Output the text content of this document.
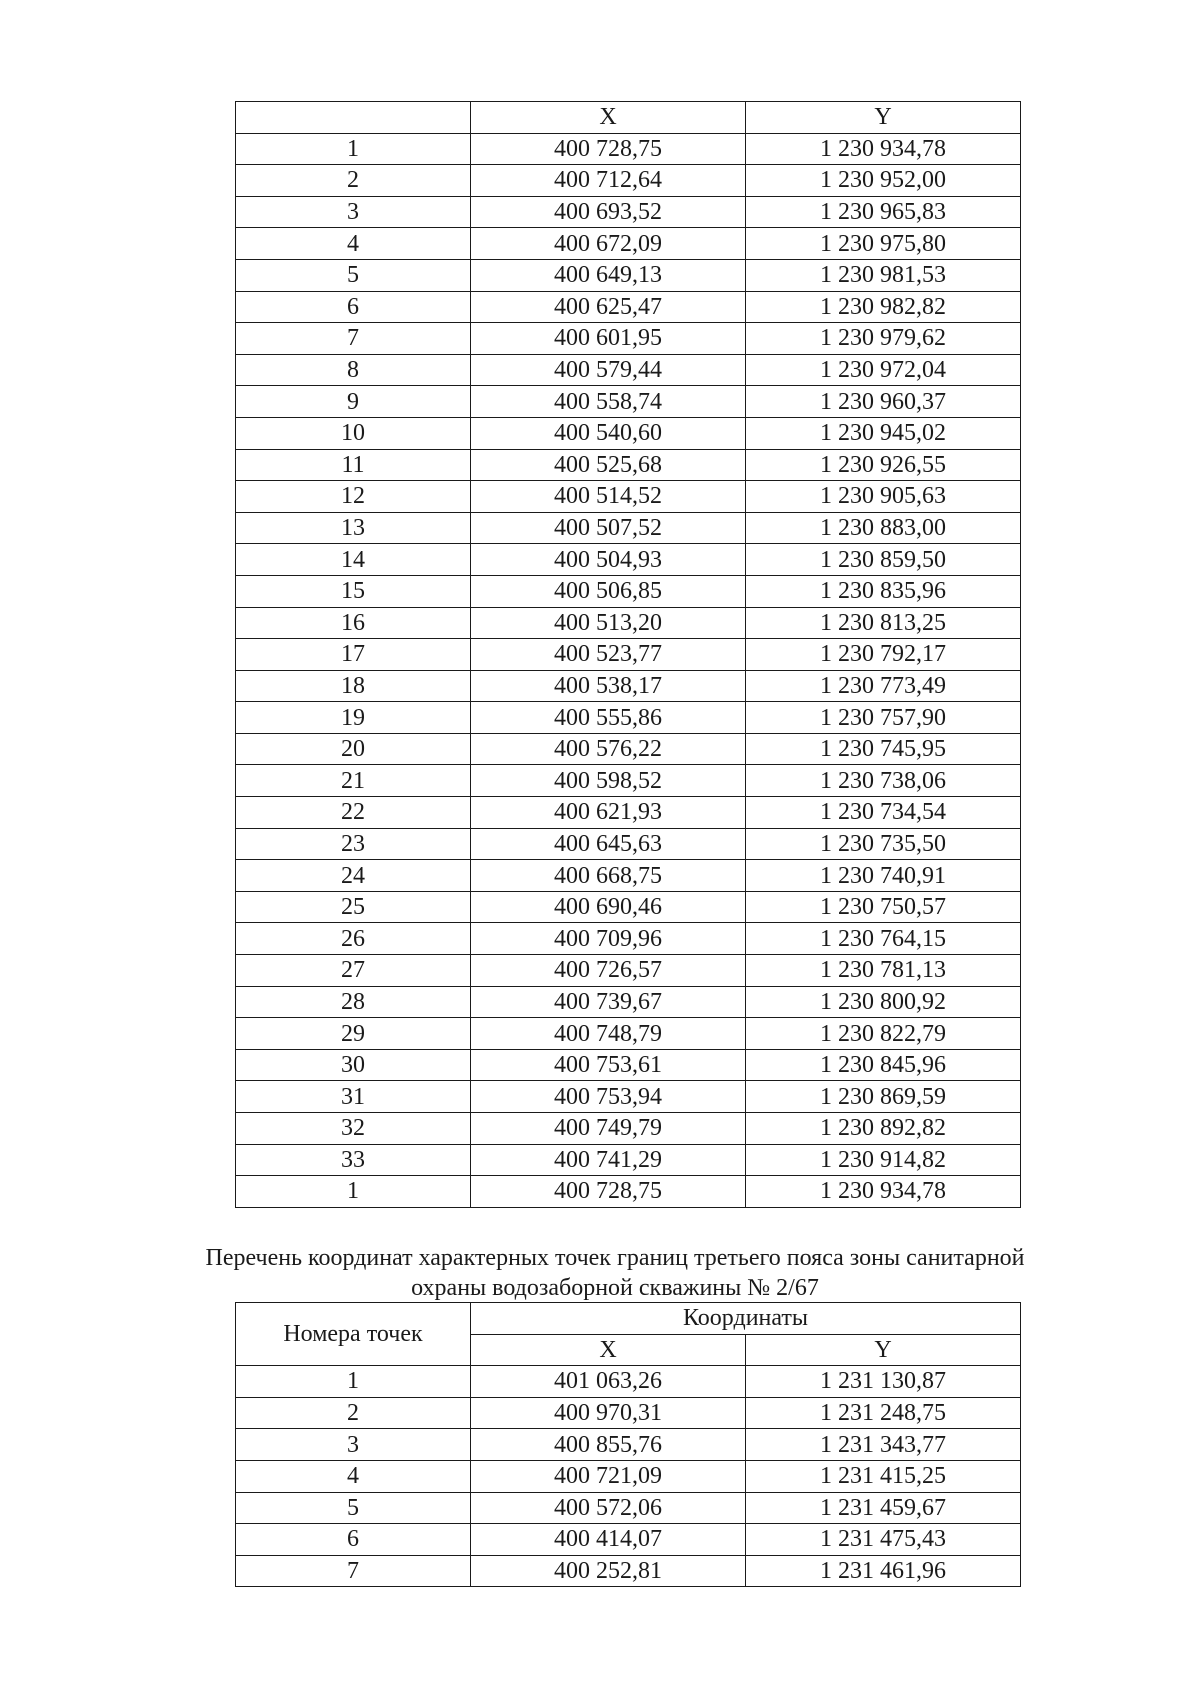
	X	Y
1	400 728,75	1 230 934,78
2	400 712,64	1 230 952,00
3	400 693,52	1 230 965,83
4	400 672,09	1 230 975,80
5	400 649,13	1 230 981,53
6	400 625,47	1 230 982,82
7	400 601,95	1 230 979,62
8	400 579,44	1 230 972,04
9	400 558,74	1 230 960,37
10	400 540,60	1 230 945,02
11	400 525,68	1 230 926,55
12	400 514,52	1 230 905,63
13	400 507,52	1 230 883,00
14	400 504,93	1 230 859,50
15	400 506,85	1 230 835,96
16	400 513,20	1 230 813,25
17	400 523,77	1 230 792,17
18	400 538,17	1 230 773,49
19	400 555,86	1 230 757,90
20	400 576,22	1 230 745,95
21	400 598,52	1 230 738,06
22	400 621,93	1 230 734,54
23	400 645,63	1 230 735,50
24	400 668,75	1 230 740,91
25	400 690,46	1 230 750,57
26	400 709,96	1 230 764,15
27	400 726,57	1 230 781,13
28	400 739,67	1 230 800,92
29	400 748,79	1 230 822,79
30	400 753,61	1 230 845,96
31	400 753,94	1 230 869,59
32	400 749,79	1 230 892,82
33	400 741,29	1 230 914,82
1	400 728,75	1 230 934,78
Перечень координат характерных точек границ третьего пояса зоны санитарной
охраны водозаборной скважины № 2/67
Номера точек	Координаты	
	X	Y
1	401 063,26	1 231 130,87
2	400 970,31	1 231 248,75
3	400 855,76	1 231 343,77
4	400 721,09	1 231 415,25
5	400 572,06	1 231 459,67
6	400 414,07	1 231 475,43
7	400 252,81	1 231 461,96
